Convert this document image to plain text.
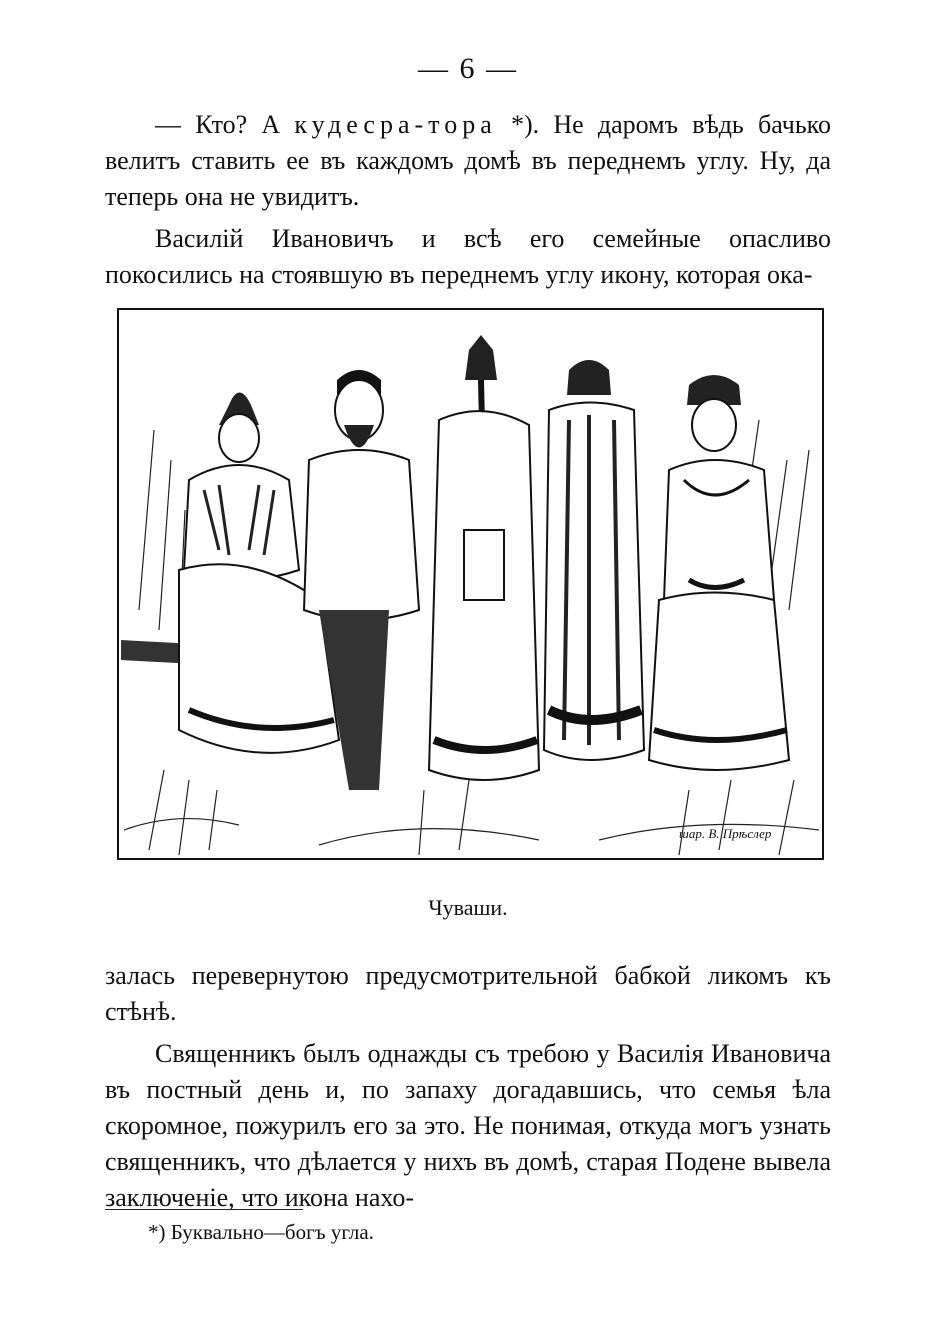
— 6 —

— Кто? А кудесра-тора *). Не даромъ вѣдь бачько велитъ ставить ее въ каждомъ домѣ въ переднемъ углу. Ну, да теперь она не увидитъ.

Василій Ивановичъ и всѣ его семейные опасливо покосились на стоявшую въ переднемъ углу икону, которая ока-

шар. В. Прѣслер
Чуваши.

залась перевернутою предусмотрительной бабкой ликомъ къ стѣнѣ.

Священникъ былъ однажды съ требою у Василія Ивановича въ постный день и, по запаху догадавшись, что семья ѣла скоромное, пожурилъ его за это. Не понимая, откуда могъ узнать священникъ, что дѣлается у нихъ въ домѣ, старая Подене вывела заключеніе, что икона нахо-

*) Буквально—богъ угла.
